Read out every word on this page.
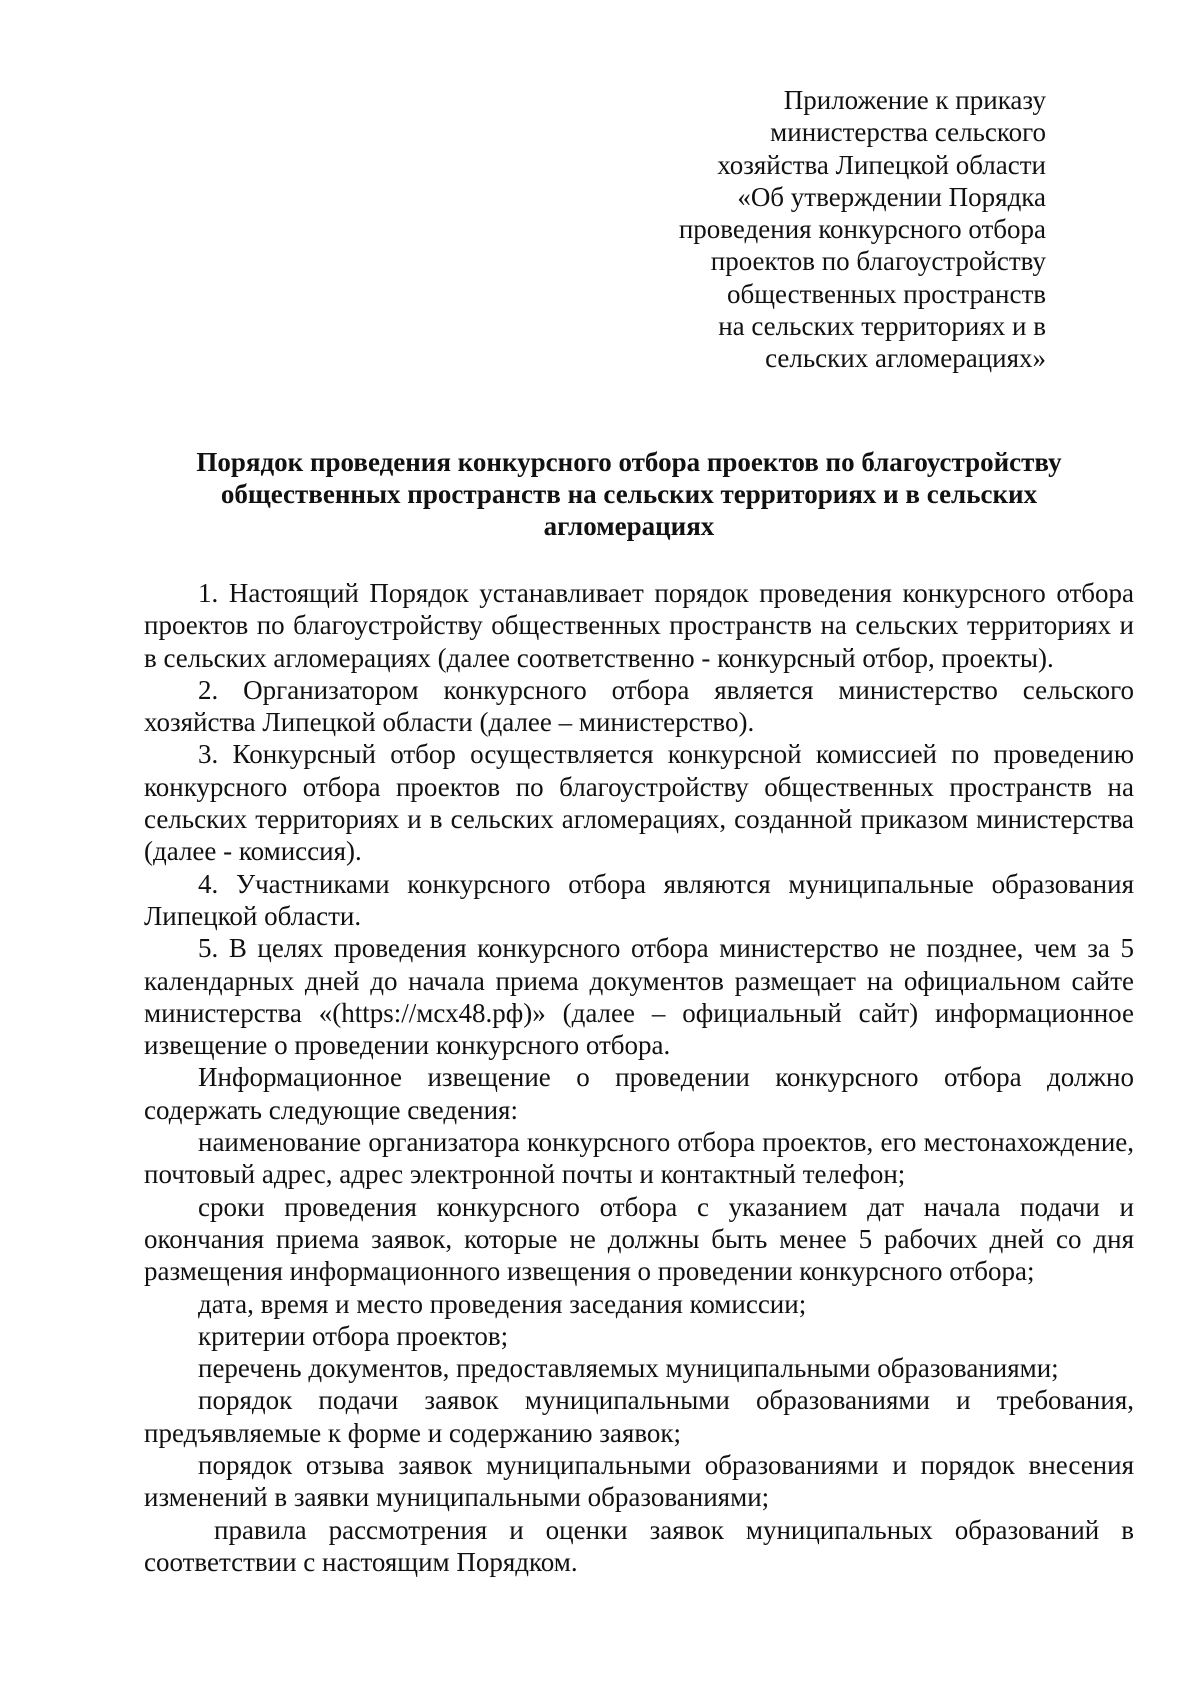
Приложение к приказу
министерства сельского
хозяйства Липецкой области
«Об утверждении Порядка
проведения конкурсного отбора
проектов по благоустройству
общественных пространств
на сельских территориях и в
сельских агломерациях»
Порядок проведения конкурсного отбора проектов по благоустройству
общественных пространств на сельских территориях и в сельских
агломерациях

1. Настоящий Порядок устанавливает порядок проведения конкурсного отбора проектов по благоустройству общественных пространств на сельских территориях и в сельских агломерациях (далее соответственно - конкурсный отбор, проекты).

2. Организатором конкурсного отбора является министерство сельского хозяйства Липецкой области (далее – министерство).

3. Конкурсный отбор осуществляется конкурсной комиссией по проведению конкурсного отбора проектов по благоустройству общественных пространств на сельских территориях и в сельских агломерациях, созданной приказом министерства (далее - комиссия).

4. Участниками конкурсного отбора являются муниципальные образования Липецкой области.

5. В целях проведения конкурсного отбора министерство не позднее, чем за 5 календарных дней до начала приема документов размещает на официальном сайте министерства «(https://мсх48.рф)» (далее – официальный сайт) информационное извещение о проведении конкурсного отбора.

Информационное извещение о проведении конкурсного отбора должно содержать следующие сведения:

наименование организатора конкурсного отбора проектов, его местонахождение, почтовый адрес, адрес электронной почты и контактный телефон;

сроки проведения конкурсного отбора с указанием дат начала подачи и окончания приема заявок, которые не должны быть менее 5 рабочих дней со дня размещения информационного извещения о проведении конкурсного отбора;

дата, время и место проведения заседания комиссии;

критерии отбора проектов;

перечень документов, предоставляемых муниципальными образованиями;

порядок подачи заявок муниципальными образованиями и требования, предъявляемые к форме и содержанию заявок;

порядок отзыва заявок муниципальными образованиями и порядок внесения изменений в заявки муниципальными образованиями;

правила рассмотрения и оценки заявок муниципальных образований в соответствии с настоящим Порядком.
